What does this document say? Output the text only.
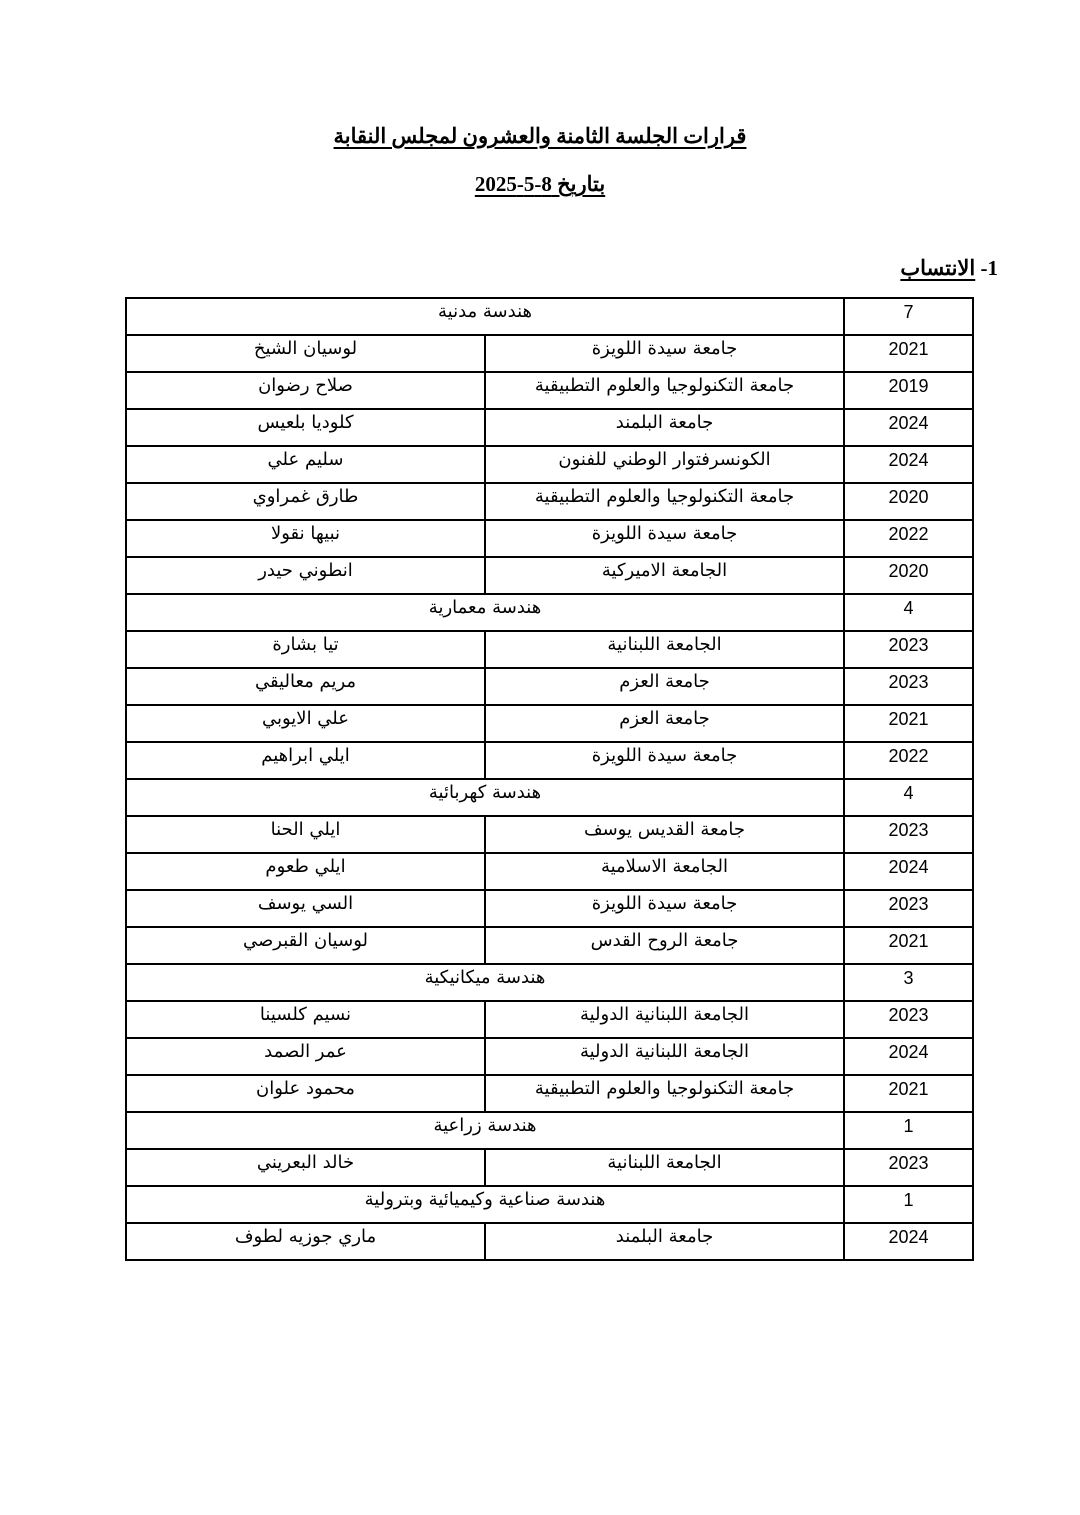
قرارات الجلسة الثامنة والعشرون لمجلس النقابة
بتاريخ 8-5-2025
1- الانتساب
هندسة مدنية		7
لوسيان الشيخ	جامعة سيدة اللويزة	2021
صلاح رضوان	جامعة التكنولوجيا والعلوم التطبيقية	2019
كلوديا بلعيس	جامعة البلمند	2024
سليم علي	الكونسرفتوار الوطني للفنون	2024
طارق غمراوي	جامعة التكنولوجيا والعلوم التطبيقية	2020
نبيها نقولا	جامعة سيدة اللويزة	2022
انطوني حيدر	الجامعة الاميركية	2020
هندسة معمارية		4
تيا بشارة	الجامعة اللبنانية	2023
مريم معاليقي	جامعة العزم	2023
علي الايوبي	جامعة العزم	2021
ايلي ابراهيم	جامعة سيدة اللويزة	2022
هندسة كهربائية		4
ايلي الحنا	جامعة القديس يوسف	2023
ايلي طعوم	الجامعة الاسلامية	2024
السي يوسف	جامعة سيدة اللويزة	2023
لوسيان القبرصي	جامعة الروح القدس	2021
هندسة ميكانيكية		3
نسيم كلسينا	الجامعة اللبنانية الدولية	2023
عمر الصمد	الجامعة اللبنانية الدولية	2024
محمود علوان	جامعة التكنولوجيا والعلوم التطبيقية	2021
هندسة زراعية		1
خالد البعريني	الجامعة اللبنانية	2023
هندسة صناعية وكيميائية وبترولية		1
ماري جوزيه لطوف	جامعة البلمند	2024
